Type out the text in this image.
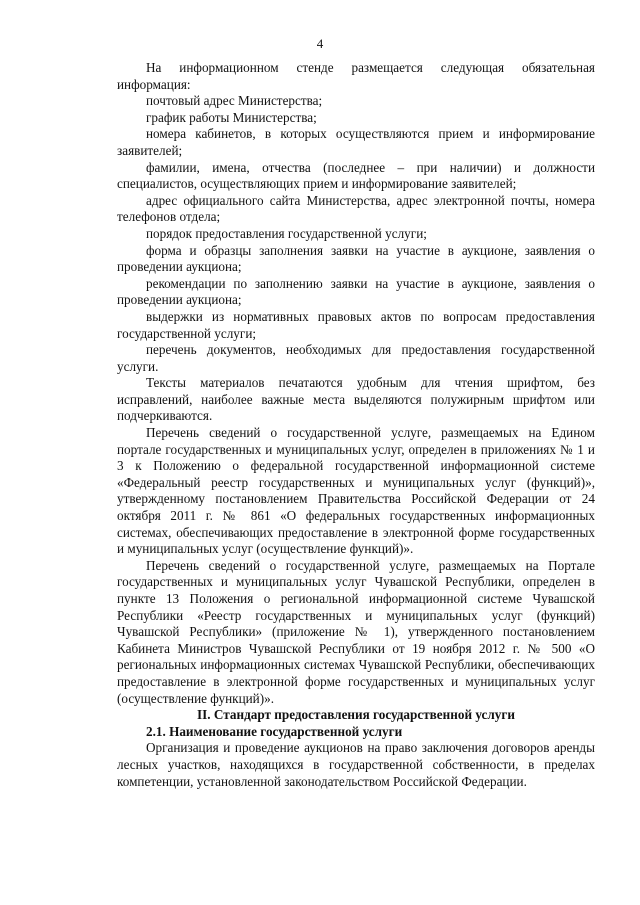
4

На информационном стенде размещается следующая обязательная информация:

почтовый адрес Министерства;

график работы Министерства;

номера кабинетов, в которых осуществляются прием и информирование заявителей;

фамилии, имена, отчества (последнее – при наличии) и должности специалистов, осуществляющих прием и информирование заявителей;

адрес официального сайта Министерства, адрес электронной почты, номера телефонов отдела;

порядок предоставления государственной услуги;

форма и образцы заполнения заявки на участие в аукционе, заявления о проведении аукциона;

рекомендации по заполнению заявки на участие в аукционе, заявления о проведении аукциона;

выдержки из нормативных правовых актов по вопросам предоставления государственной услуги;

перечень документов, необходимых для предоставления государственной услуги.

Тексты материалов печатаются удобным для чтения шрифтом, без исправлений, наиболее важные места выделяются полужирным шрифтом или подчеркиваются.

Перечень сведений о государственной услуге, размещаемых на Едином портале государственных и муниципальных услуг, определен в приложениях № 1 и 3 к Положению о федеральной государственной информационной системе «Федеральный реестр государственных и муниципальных услуг (функций)», утвержденному постановлением Правительства Российской Федерации от 24 октября 2011 г. № 861 «О федеральных государственных информационных системах, обеспечивающих предоставление в электронной форме государственных и муниципальных услуг (осуществление функций)».

Перечень сведений о государственной услуге, размещаемых на Портале государственных и муниципальных услуг Чувашской Республики, определен в пункте 13 Положения о региональной информационной системе Чувашской Республики «Реестр государственных и муниципальных услуг (функций) Чувашской Республики» (приложение № 1), утвержденного постановлением Кабинета Министров Чувашской Республики от 19 ноября 2012 г. № 500 «О региональных информационных системах Чувашской Республики, обеспечивающих предоставление в электронной форме государственных и муниципальных услуг (осуществление функций)».

II. Стандарт предоставления государственной услуги

2.1. Наименование государственной услуги

Организация и проведение аукционов на право заключения договоров аренды лесных участков, находящихся в государственной собственности, в пределах компетенции, установленной законодательством Российской Федерации.
